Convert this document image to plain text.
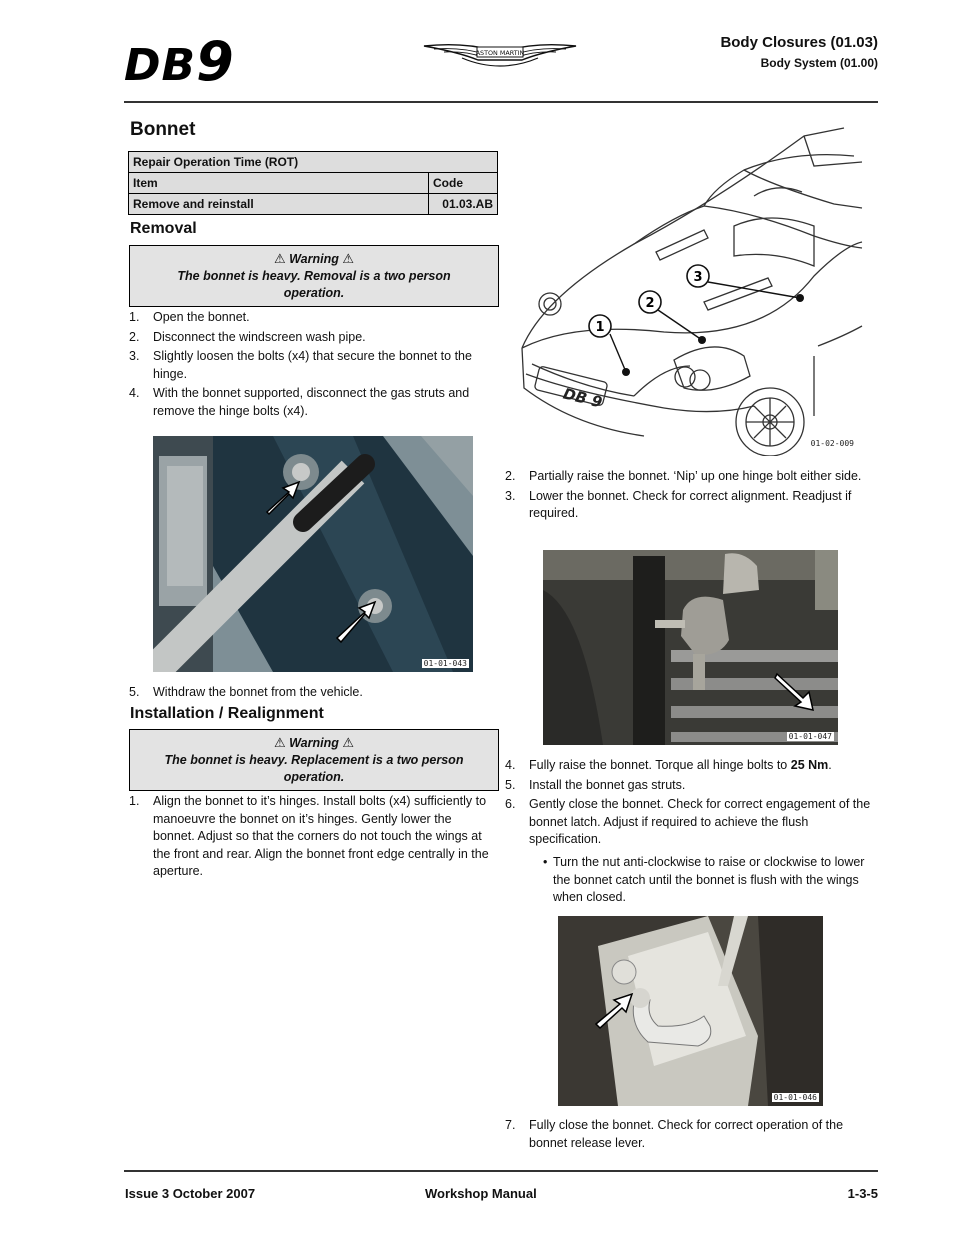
DB9	ASTON MARTIN
Body Closures (01.03)
Body System (01.00)
Bonnet
Repair Operation Time (ROT)	
Item	Code
Remove and reinstall	01.03.AB
Removal
⚠ Warning ⚠
The bonnet is heavy. Removal is a two person operation.
1.	Open the bonnet.
2.	Disconnect the windscreen wash pipe.
3.	Slightly loosen the bolts (x4) that secure the bonnet to the hinge.
4.	With the bonnet supported, disconnect the gas struts and remove the hinge bolts (x4).
01-01-043
5.	Withdraw the bonnet from the vehicle.
Installation / Realignment
⚠ Warning ⚠
The bonnet is heavy. Replacement is a two person operation.
1.	Align the bonnet to it’s hinges. Install bolts (x4) sufficiently to manoeuvre the bonnet on it’s hinges. Gently lower the bonnet. Adjust so that the corners do not touch the wings at the front and rear. Align the bonnet front edge centrally in the aperture.
1
2
3
DB 9
01-02-009
2.	Partially raise the bonnet. ‘Nip’ up one hinge bolt either side.
3.	Lower the bonnet. Check for correct alignment. Readjust if required.
01-01-047
4.	Fully raise the bonnet. Torque all hinge bolts to 25 Nm.
5.	Install the bonnet gas struts.
6.	Gently close the bonnet. Check for correct engagement of the bonnet latch. Adjust if required to achieve the flush specification.
• Turn the nut anti-clockwise to raise or clockwise to lower the bonnet catch until the bonnet is flush with the wings when closed.
01-01-046
7.	Fully close the bonnet. Check for correct operation of the bonnet release lever.
Issue 3 October 2007	Workshop Manual	1-3-5
